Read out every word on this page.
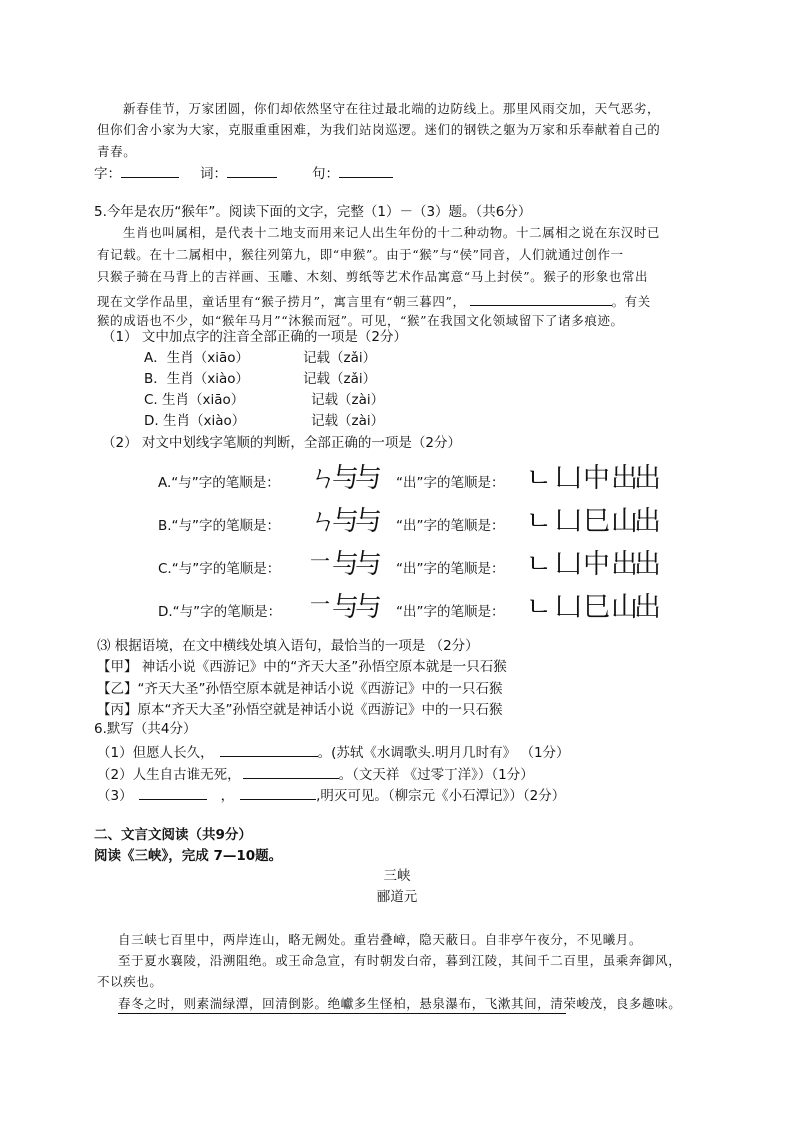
新春佳节，万家团圆，你们却依然坚守在往过最北端的边防线上。那里风雨交加，天气恶劣，
但你们舍小家为大家，克服重重困难，为我们站岗巡逻。迷们的钢铁之躯为万家和乐奉献着自己的
青春。
字：	词：	句：
5.今年是农历“猴年”。阅读下面的文字，完整（1）－（3）题。（共6分）
生肖也叫属相，是代表十二地支而用来记人出生年份的十二种动物。十二属相之说在东汉时已
有记载。在十二属相中，猴往列第九，即“申猴”。由于“猴”与“侯”同音，人们就通过创作一
只猴子骑在马背上的吉祥画、玉雕、木刻、剪纸等艺术作品寓意“马上封侯”。猴子的形象也常出
现在文学作品里，童话里有“猴子捞月”，寓言里有“朝三暮四”，	。有关
猴的成语也不少，如“猴年马月”“沐猴而冠”。可见，“猴”在我国文化领域留下了诸多痕迹。
（1） 文中加点字的注音全部正确的一项是（2分）
A．生肖（xiāo）	记载（zǎi）
B．生肖（xiào）	记载（zǎi）
C. 生肖（xiāo）	记载（zài）
D. 生肖（xiào）	记载（zài）
（2） 对文中划线字笔顺的判断，全部正确的一项是（2分）
A.“与”字的笔顺是： ㄣ
与
与 “出”字的笔顺是： ㄴ 凵 中 出
出
B.“与”字的笔顺是： ㄣ
与
与 “出”字的笔顺是： ㄴ 凵 巳 山
出
C.“与”字的笔顺是： 一 与
与 “出”字的笔顺是： ㄴ 凵 中 出
出
D.“与”字的笔顺是： 一 与
与 “出”字的笔顺是： ㄴ 凵 巳 山
出
⑶ 根据语境，在文中横线处填入语句，最恰当的一项是 （2分）
【甲】 神话小说《西游记》中的“齐天大圣”孙悟空原本就是一只石猴
【乙】“齐天大圣”孙悟空原本就是神话小说《西游记》中的一只石猴
【丙】原本“齐天大圣”孙悟空就是神话小说《西游记》中的一只石猴
6.默写（共4分）
（1）但愿人长久，	。(苏轼《水调歌头.明月几时有》 （1分）
（2）人生自古谁无死，	。（文天祥 《过零丁洋》）（1分）
（3）	，	,明灭可见。（柳宗元《小石潭记》）（2分）
二、文言文阅读（共9分）
阅读《三峡》，完成 7—10题。
三峡
郦道元
自三峡七百里中，两岸连山，略无阙处。重岩叠嶂，隐天蔽日。自非亭午夜分，不见曦月。
至于夏水襄陵，沿溯阻绝。或王命急宣，有时朝发白帝，暮到江陵，其间千二百里，虽乘奔御风，
不以疾也。
春冬之时，则素湍绿潭，回清倒影。绝巘多生怪柏，悬泉瀑布，飞漱其间，清荣峻茂，良多趣味。
